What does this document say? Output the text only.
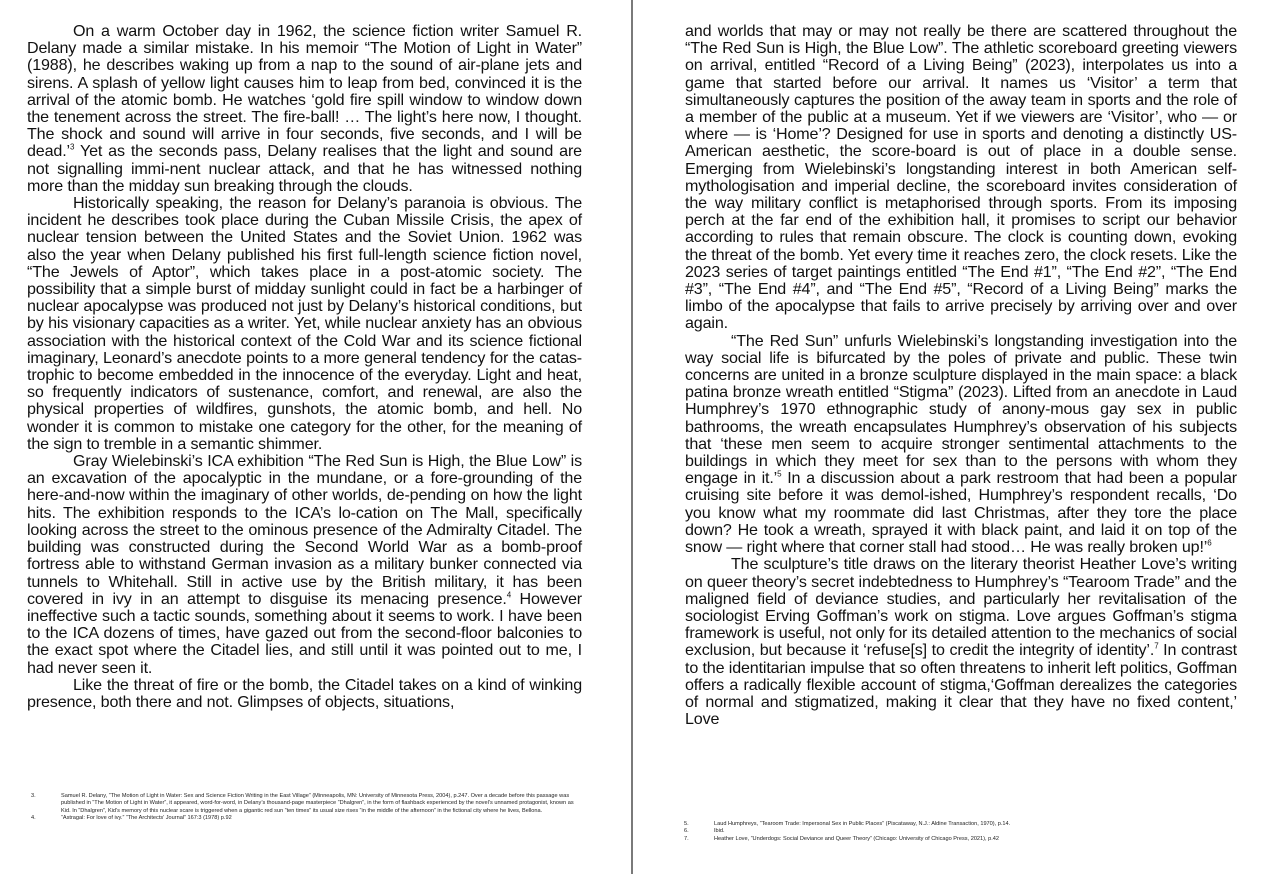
On a warm October day in 1962, the science fiction writer Samuel R. Delany made a similar mistake. In his memoir “The Motion of Light in Water” (1988), he describes waking up from a nap to the sound of air-plane jets and sirens. A splash of yellow light causes him to leap from bed, convinced it is the arrival of the atomic bomb. He watches ‘gold fire spill window to window down the tenement across the street. The fire-ball! … The light’s here now, I thought. The shock and sound will arrive in four seconds, five seconds, and I will be dead.’$^3$ Yet as the seconds pass, Delany realises that the light and sound are not signalling immi-nent nuclear attack, and that he has witnessed nothing more than the midday sun breaking through the clouds.

Historically speaking, the reason for Delany’s paranoia is obvious. The incident he describes took place during the Cuban Missile Crisis, the apex of nuclear tension between the United States and the Soviet Union. 1962 was also the year when Delany published his first full-length science fiction novel, “The Jewels of Aptor”, which takes place in a post-atomic society. The possibility that a simple burst of midday sunlight could in fact be a harbinger of nuclear apocalypse was produced not just by Delany’s historical conditions, but by his visionary capacities as a writer. Yet, while nuclear anxiety has an obvious association with the historical context of the Cold War and its science fictional imaginary, Leonard’s anecdote points to a more general tendency for the catas-trophic to become embedded in the innocence of the everyday. Light and heat, so frequently indicators of sustenance, comfort, and renewal, are also the physical properties of wildfires, gunshots, the atomic bomb, and hell. No wonder it is common to mistake one category for the other, for the meaning of the sign to tremble in a semantic shimmer.

Gray Wielebinski’s ICA exhibition “The Red Sun is High, the Blue Low” is an excavation of the apocalyptic in the mundane, or a fore-grounding of the here-and-now within the imaginary of other worlds, de-pending on how the light hits. The exhibition responds to the ICA’s lo-cation on The Mall, specifically looking across the street to the ominous presence of the Admiralty Citadel. The building was constructed during the Second World War as a bomb-proof fortress able to withstand German invasion as a military bunker connected via tunnels to Whitehall. Still in active use by the British military, it has been covered in ivy in an attempt to disguise its menacing presence.$^4$ However ineffective such a tactic sounds, something about it seems to work. I have been to the ICA dozens of times, have gazed out from the second-floor balconies to the exact spot where the Citadel lies, and still until it was pointed out to me, I had never seen it.

Like the threat of fire or the bomb, the Citadel takes on a kind of winking presence, both there and not. Glimpses of objects, situations,

3.	Samuel R. Delany, “The Motion of Light in Water: Sex and Science Fiction Writing in the East Village” (Minneapolis, MN: University of Minnesota Press, 2004), p.247. Over a decade before this passage was published in “The Motion of Light in Water”, it appeared, word-for-word, in Delany’s thousand-page masterpiece “Dhalgren”, in the form of flashback experienced by the novel’s unnamed protagonist, known as Kid. In “Dhalgren”, Kid’s memory of this nuclear scare is triggered when a gigantic red sun “ten times” its usual size rises “in the middle of the afternoon” in the fictional city where he lives, Bellona.
4.	“Astragal: For love of ivy.” “The Architects’ Journal” 167:3 (1978) p.92

and worlds that may or may not really be there are scattered throughout the “The Red Sun is High, the Blue Low”. The athletic scoreboard greeting viewers on arrival, entitled “Record of a Living Being” (2023), interpolates us into a game that started before our arrival. It names us ‘Visitor’ a term that simultaneously captures the position of the away team in sports and the role of a member of the public at a museum. Yet if we viewers are ‘Visitor’, who — or where — is ‘Home’? Designed for use in sports and denoting a distinctly US-American aesthetic, the score-board is out of place in a double sense. Emerging from Wielebinski’s longstanding interest in both American self-mythologisation and imperial decline, the scoreboard invites consideration of the way military conflict is metaphorised through sports. From its imposing perch at the far end of the exhibition hall, it promises to script our behavior according to rules that remain obscure. The clock is counting down, evoking the threat of the bomb. Yet every time it reaches zero, the clock resets. Like the 2023 series of target paintings entitled “The End #1”, “The End #2”, “The End #3”, “The End #4”, and “The End #5”, “Record of a Living Being” marks the limbo of the apocalypse that fails to arrive precisely by arriving over and over again.

“The Red Sun” unfurls Wielebinski’s longstanding investigation into the way social life is bifurcated by the poles of private and public. These twin concerns are united in a bronze sculpture displayed in the main space: a black patina bronze wreath entitled “Stigma” (2023). Lifted from an anecdote in Laud Humphrey’s 1970 ethnographic study of anony-mous gay sex in public bathrooms, the wreath encapsulates Humphrey’s observation of his subjects that ‘these men seem to acquire stronger sentimental attachments to the buildings in which they meet for sex than to the persons with whom they engage in it.’$^5$ In a discussion about a park restroom that had been a popular cruising site before it was demol-ished, Humphrey’s respondent recalls, ‘Do you know what my roommate did last Christmas, after they tore the place down? He took a wreath, sprayed it with black paint, and laid it on top of the snow — right where that corner stall had stood… He was really broken up!’$^6$

The sculpture’s title draws on the literary theorist Heather Love’s writing on queer theory’s secret indebtedness to Humphrey’s “Tearoom Trade” and the maligned field of deviance studies, and particularly her revitalisation of the sociologist Erving Goffman’s work on stigma. Love argues Goffman’s stigma framework is useful, not only for its detailed attention to the mechanics of social exclusion, but because it ‘refuse[s] to credit the integrity of identity’.$^7$ In contrast to the identitarian impulse that so often threatens to inherit left politics, Goffman offers a radically flexible account of stigma,‘Goffman derealizes the categories of normal and stigmatized, making it clear that they have no fixed content,’ Love

5.	Laud Humphreys, “Tearoom Trade: Impersonal Sex in Public Places” (Piscataway, N.J.: Aldine Transaction, 1970), p.14.
6.	Ibid.
7.	Heather Love, “Underdogs: Social Deviance and Queer Theory” (Chicago: University of Chicago Press, 2021), p.42
